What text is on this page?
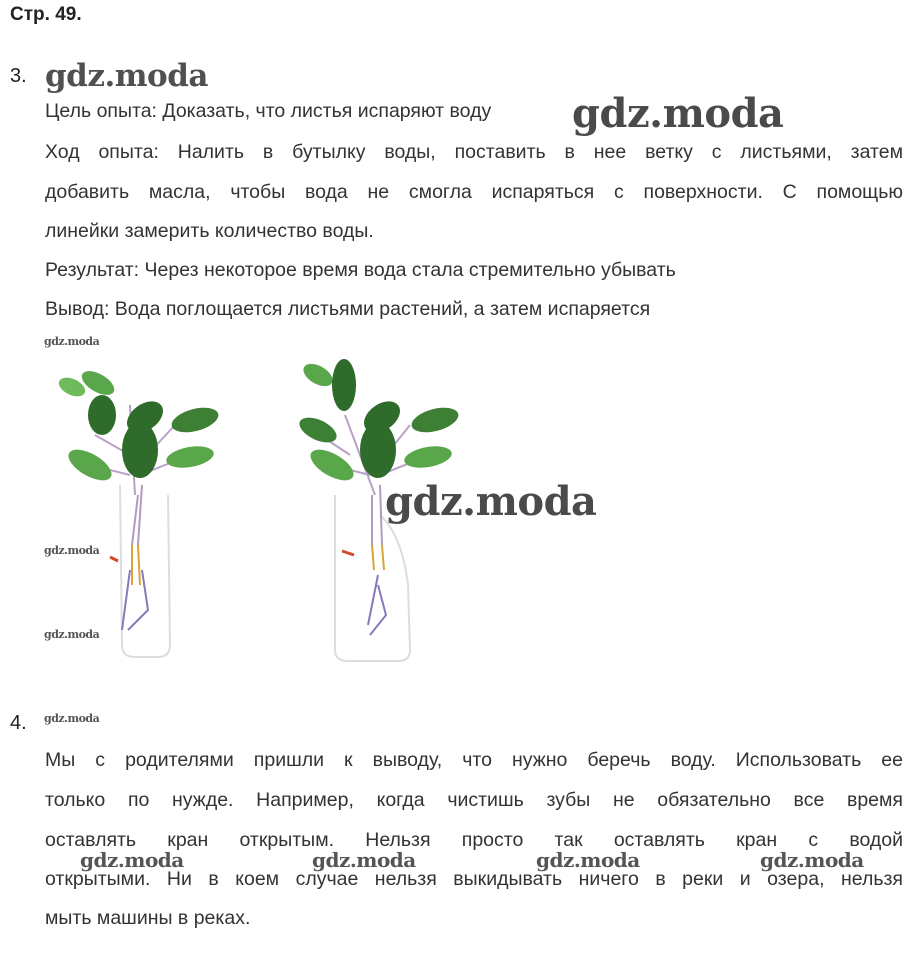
Стр. 49.
3.
Цель опыта: Доказать, что листья испаряют воду
Ход опыта: Налить в бутылку воды, поставить в нее ветку с листьями, затем
добавить масла, чтобы вода не смогла испаряться с поверхности. С помощью
линейки замерить количество воды.
Результат: Через некоторое время вода стала стремительно убывать
Вывод: Вода поглощается листьями растений, а затем испаряется
gdz.moda
gdz.moda
gdz.moda
gdz.moda
gdz.moda
gdz.moda
gdz.moda
4.
Мы с родителями пришли к выводу, что нужно беречь воду. Использовать ее
только по нужде. Например, когда чистишь зубы не обязательно все время
оставлять кран открытым. Нельзя просто так оставлять кран с водой
открытыми. Ни в коем случае нельзя выкидывать ничего в реки и озера, нельзя
мыть машины в реках.
gdz.moda	gdz.moda	gdz.moda	gdz.moda
